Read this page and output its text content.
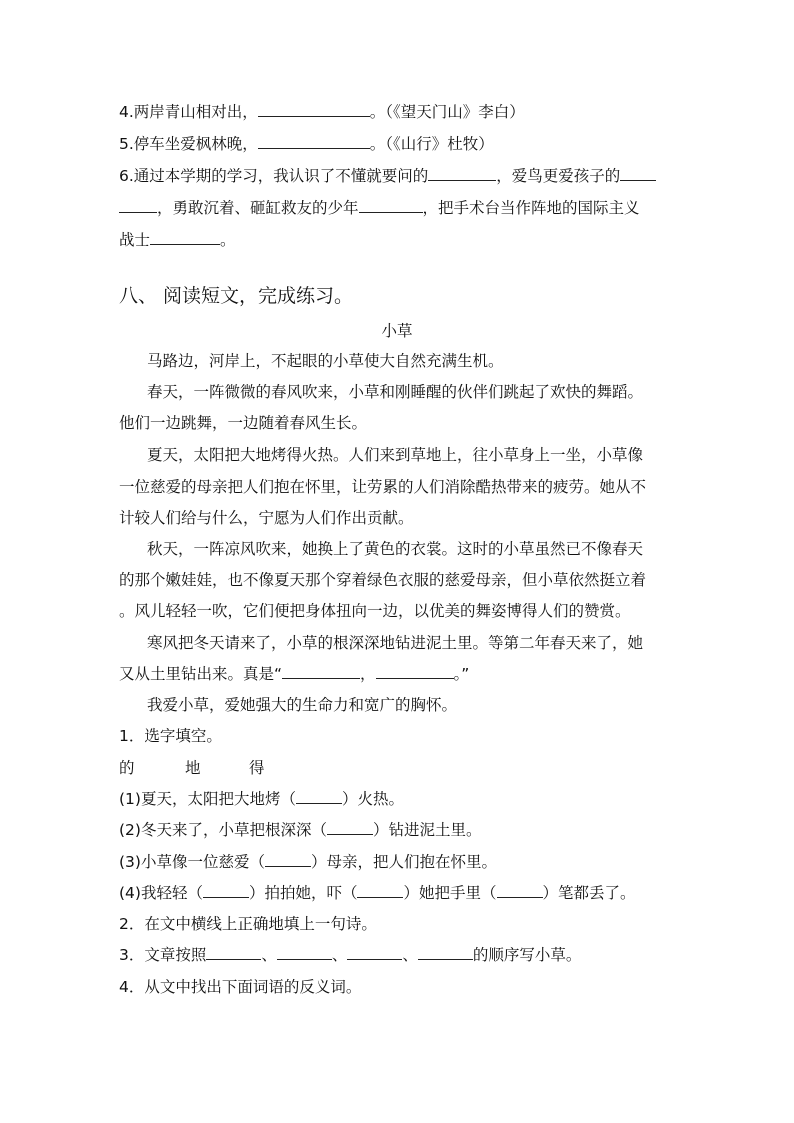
4.两岸青山相对出，	。（《望天门山》李白）
5.停车坐爱枫林晚，	。（《山行》杜牧）
6.通过本学期的学习，我认识了不懂就要问的	，爱鸟更爱孩子的
，勇敢沉着、砸缸救友的少年	，把手术台当作阵地的国际主义
战士	。
八、 阅读短文，完成练习。
小草
马路边，河岸上，不起眼的小草使大自然充满生机。
春天，一阵微微的春风吹来，小草和刚睡醒的伙伴们跳起了欢快的舞蹈。
他们一边跳舞，一边随着春风生长。
夏天，太阳把大地烤得火热。人们来到草地上，往小草身上一坐，小草像
一位慈爱的母亲把人们抱在怀里，让劳累的人们消除酷热带来的疲劳。她从不
计较人们给与什么，宁愿为人们作出贡献。
秋天，一阵凉风吹来，她换上了黄色的衣裳。这时的小草虽然已不像春天
的那个嫩娃娃，也不像夏天那个穿着绿色衣服的慈爱母亲，但小草依然挺立着
。风儿轻轻一吹，它们便把身体扭向一边，以优美的舞姿博得人们的赞赏。
寒风把冬天请来了，小草的根深深地钻进泥土里。等第二年春天来了，她
又从土里钻出来。真是“	，	。”
我爱小草，爱她强大的生命力和宽广的胸怀。
1．选字填空。
的	地	得
(1)夏天，太阳把大地烤（	）火热。
(2)冬天来了，小草把根深深（	）钻进泥土里。
(3)小草像一位慈爱（	）母亲，把人们抱在怀里。
(4)我轻轻（	）拍拍她，吓（	）她把手里（	）笔都丢了。
2．在文中横线上正确地填上一句诗。
3．文章按照	、	、	、	的顺序写小草。
4．从文中找出下面词语的反义词。
